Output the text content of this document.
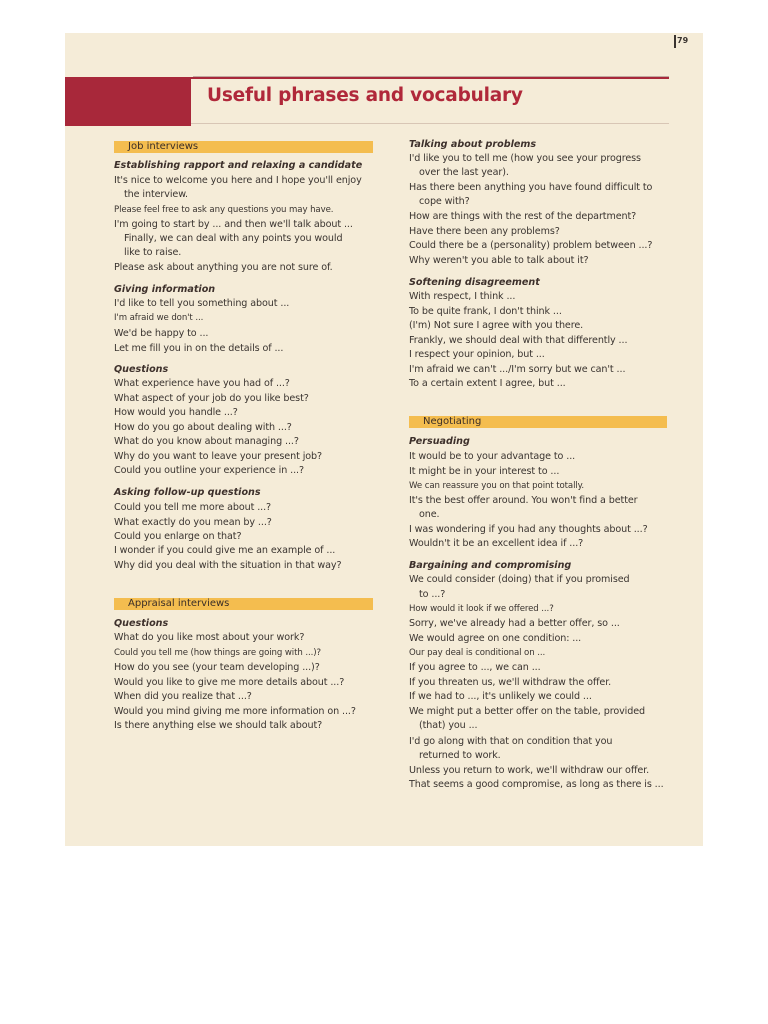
79
Useful phrases and vocabulary
Job interviews
Establishing rapport and relaxing a candidate
It's nice to welcome you here and I hope you'll enjoy
the interview.
Please feel free to ask any questions you may have.
I'm going to start by ... and then we'll talk about ...
Finally, we can deal with any points you would
like to raise.
Please ask about anything you are not sure of.
Giving information
I'd like to tell you something about ...
I'm afraid we don't ...
We'd be happy to ...
Let me fill you in on the details of ...
Questions
What experience have you had of ...?
What aspect of your job do you like best?
How would you handle ...?
How do you go about dealing with ...?
What do you know about managing ...?
Why do you want to leave your present job?
Could you outline your experience in ...?
Asking follow-up questions
Could you tell me more about ...?
What exactly do you mean by ...?
Could you enlarge on that?
I wonder if you could give me an example of ...
Why did you deal with the situation in that way?
Appraisal interviews
Questions
What do you like most about your work?
Could you tell me (how things are going with ...)?
How do you see (your team developing ...)?
Would you like to give me more details about ...?
When did you realize that ...?
Would you mind giving me more information on ...?
Is there anything else we should talk about?
Talking about problems
I'd like you to tell me (how you see your progress
over the last year).
Has there been anything you have found difficult to
cope with?
How are things with the rest of the department?
Have there been any problems?
Could there be a (personality) problem between ...?
Why weren't you able to talk about it?
Softening disagreement
With respect, I think ...
To be quite frank, I don't think ...
(I'm) Not sure I agree with you there.
Frankly, we should deal with that differently ...
I respect your opinion, but ...
I'm afraid we can't .../I'm sorry but we can't ...
To a certain extent I agree, but ...
Negotiating
Persuading
It would be to your advantage to ...
It might be in your interest to ...
We can reassure you on that point totally.
It's the best offer around. You won't find a better
one.
I was wondering if you had any thoughts about ...?
Wouldn't it be an excellent idea if ...?
Bargaining and compromising
We could consider (doing) that if you promised
to ...?
How would it look if we offered ...?
Sorry, we've already had a better offer, so ...
We would agree on one condition: ...
Our pay deal is conditional on ...
If you agree to ..., we can ...
If you threaten us, we'll withdraw the offer.
If we had to ..., it's unlikely we could ...
We might put a better offer on the table, provided
(that) you ...
I'd go along with that on condition that you
returned to work.
Unless you return to work, we'll withdraw our offer.
That seems a good compromise, as long as there is ...
